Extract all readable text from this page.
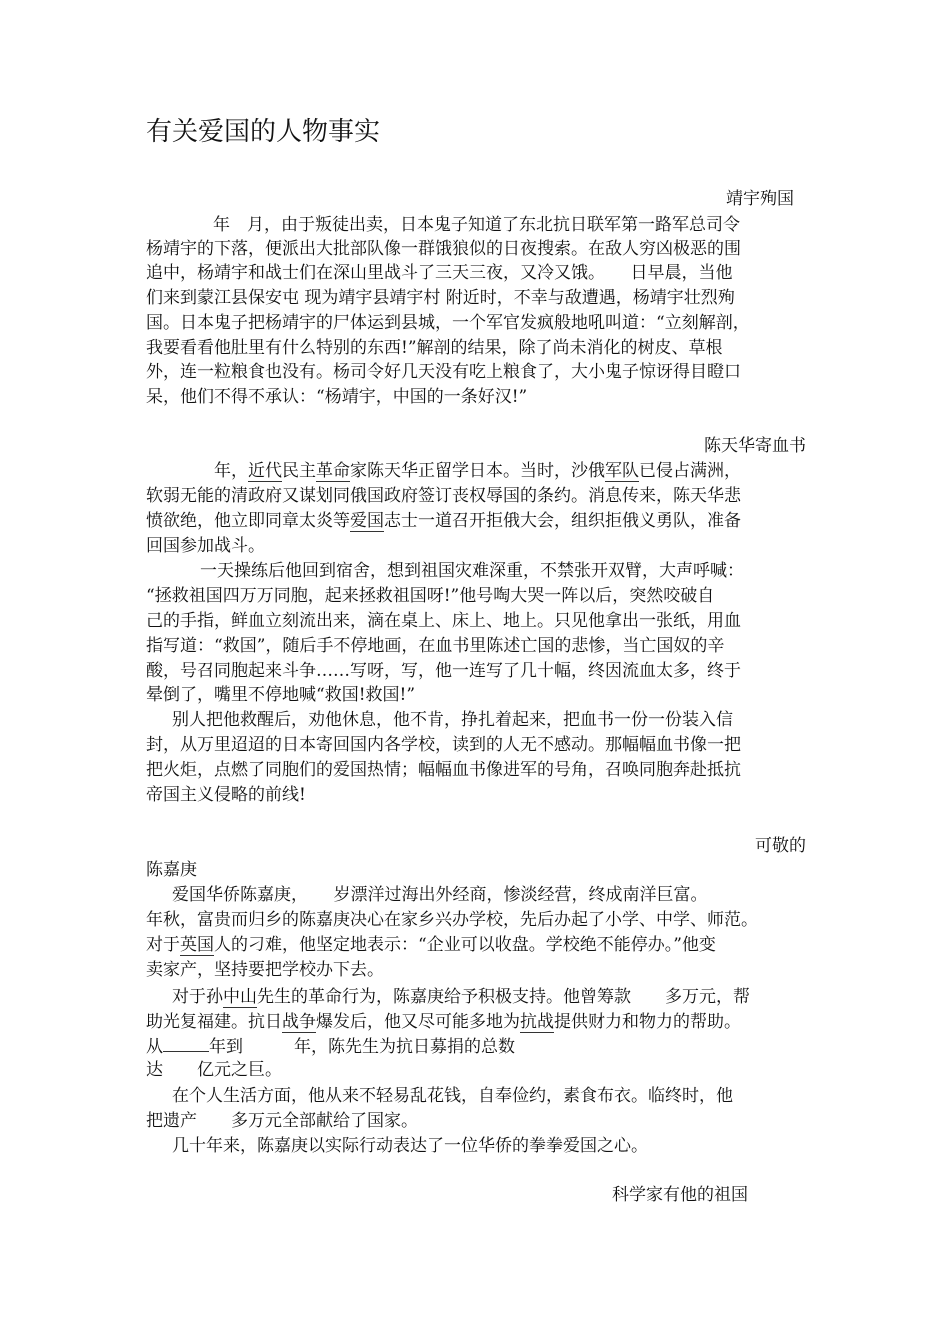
有关爱国的人物事实
靖宇殉国
年　月，由于叛徒出卖，日本鬼子知道了东北抗日联军第一路军总司令
杨靖宇的下落，便派出大批部队像一群饿狼似的日夜搜索。在敌人穷凶极恶的围
追中，杨靖宇和战士们在深山里战斗了三天三夜，又冷又饿。　　日早晨，当他
们来到蒙江县保安屯 现为靖宇县靖宇村 附近时，不幸与敌遭遇，杨靖宇壮烈殉
国。日本鬼子把杨靖宇的尸体运到县城，一个军官发疯般地吼叫道：“立刻解剖，
我要看看他肚里有什么特别的东西!”解剖的结果，除了尚未消化的树皮、草根
外，连一粒粮食也没有。杨司令好几天没有吃上粮食了，大小鬼子惊讶得目瞪口
呆，他们不得不承认：“杨靖宇，中国的一条好汉!”
陈天华寄血书
年，近代民主革命家陈天华正留学日本。当时，沙俄军队已侵占满洲，
软弱无能的清政府又谋划同俄国政府签订丧权辱国的条约。消息传来，陈天华悲
愤欲绝，他立即同章太炎等爱国志士一道召开拒俄大会，组织拒俄义勇队，准备
回国参加战斗。
一天操练后他回到宿舍，想到祖国灾难深重，不禁张开双臂，大声呼喊：
“拯救祖国四万万同胞，起来拯救祖国呀!”他号啕大哭一阵以后，突然咬破自
己的手指，鲜血立刻流出来，滴在桌上、床上、地上。只见他拿出一张纸，用血
指写道：“救国”，随后手不停地画，在血书里陈述亡国的悲惨，当亡国奴的辛
酸，号召同胞起来斗争……写呀，写，他一连写了几十幅，终因流血太多，终于
晕倒了，嘴里不停地喊“救国!救国!”
别人把他救醒后，劝他休息，他不肯，挣扎着起来，把血书一份一份装入信
封，从万里迢迢的日本寄回国内各学校，读到的人无不感动。那幅幅血书像一把
把火炬，点燃了同胞们的爱国热情；幅幅血书像进军的号角，召唤同胞奔赴抵抗
帝国主义侵略的前线!
可敬的
陈嘉庚
爱国华侨陈嘉庚，　　岁漂洋过海出外经商，惨淡经营，终成南洋巨富。
年秋，富贵而归乡的陈嘉庚决心在家乡兴办学校，先后办起了小学、中学、师范。
对于英国人的刁难，他坚定地表示：“企业可以收盘。学校绝不能停办。”他变
卖家产，坚持要把学校办下去。
对于孙中山先生的革命行为，陈嘉庚给予积极支持。他曾筹款　　多万元，帮
助光复福建。抗日战争爆发后，他又尽可能多地为抗战提供财力和物力的帮助。
从	年到　　　年，陈先生为抗日募捐的总数
达　　亿元之巨。
在个人生活方面，他从来不轻易乱花钱，自奉俭约，素食布衣。临终时，他
把遗产　　多万元全部献给了国家。
几十年来，陈嘉庚以实际行动表达了一位华侨的拳拳爱国之心。
科学家有他的祖国
